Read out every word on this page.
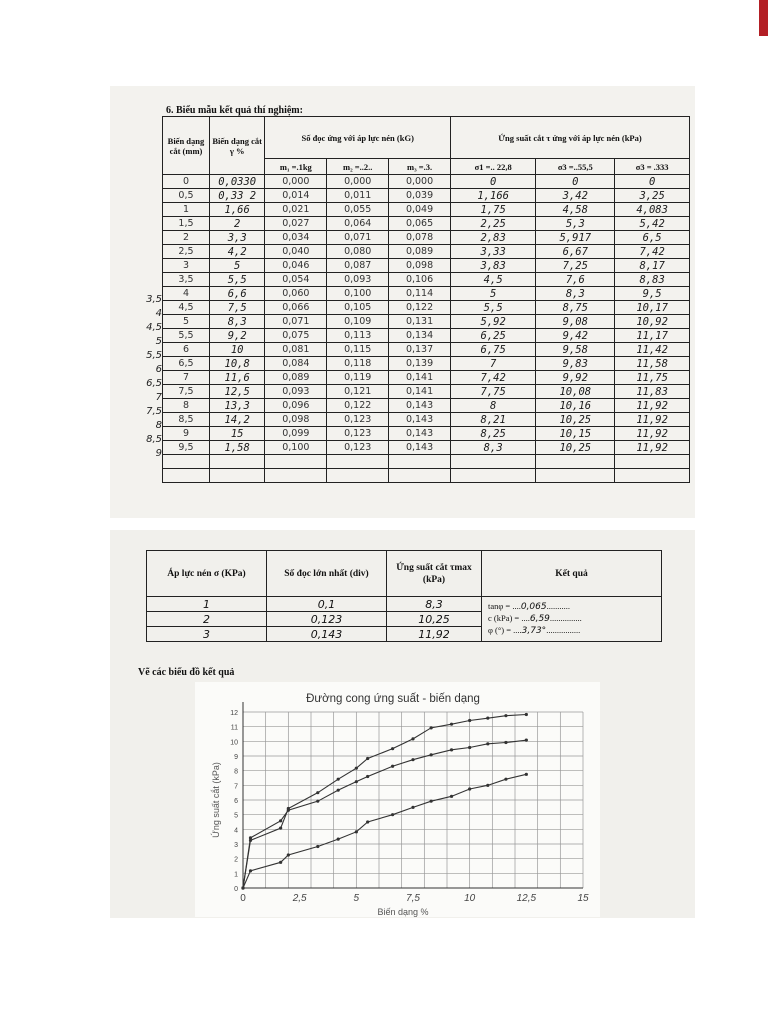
6. Biểu mẫu kết quả thí nghiệm:
3,5
4
4,5
5
5,5
6
6,5
7
7,5
8
8,5
9
Biến dạng cắt (mm)	Biến dạng cắt γ %	Số đọc ứng với áp lực nén (kG)			Ứng suất cắt τ ứng với áp lực nén (kPa)		
		m₁ =.1kg	m₂ =..2..	m₃ =.3.	σ1 =.. 22,8	σ3 =..55,5	σ3 = .333
0	0,0330	0,000	0,000	0,000	0	0	0
0,5	0,33 2	0,014	0,011	0,039	1,166	3,42	3,25
1	1,66	0,021	0,055	0,049	1,75	4,58	4,083
1,5	2	0,027	0,064	0,065	2,25	5,3	5,42
2	3,3	0,034	0,071	0,078	2,83	5,917	6,5
2,5	4,2	0,040	0,080	0,089	3,33	6,67	7,42
3	5	0,046	0,087	0,098	3,83	7,25	8,17
3,5	5,5	0,054	0,093	0,106	4,5	7,6	8,83
4	6,6	0,060	0,100	0,114	5	8,3	9,5
4,5	7,5	0,066	0,105	0,122	5,5	8,75	10,17
5	8,3	0,071	0,109	0,131	5,92	9,08	10,92
5,5	9,2	0,075	0,113	0,134	6,25	9,42	11,17
6	10	0,081	0,115	0,137	6,75	9,58	11,42
6,5	10,8	0,084	0,118	0,139	7	9,83	11,58
7	11,6	0,089	0,119	0,141	7,42	9,92	11,75
7,5	12,5	0,093	0,121	0,141	7,75	10,08	11,83
8	13,3	0,096	0,122	0,143	8	10,16	11,92
8,5	14,2	0,098	0,123	0,143	8,21	10,25	11,92
9	15	0,099	0,123	0,143	8,25	10,15	11,92
9,5	1,58	0,100	0,123	0,143	8,3	10,25	11,92

Áp lực nén σ (KPa)	Số đọc lớn nhất (div)	Ứng suất cắt τmax (kPa)	Kết quả
1	0,1	8,3	tanφ = ....0,065...........
c (kPa) = ....6,59...............
φ (°) = ....3,73°................

2	0,123	10,25	
3	0,143	11,92	
Vẽ các biểu đồ kết quả
0
1
2
3
4
5
6
7
8
9
10
11
12
0	2,5	5	7,5	10	12,5	15
Đường cong ứng suất - biến dạng
Biến dạng %
Ứng suất cắt (kPa)
